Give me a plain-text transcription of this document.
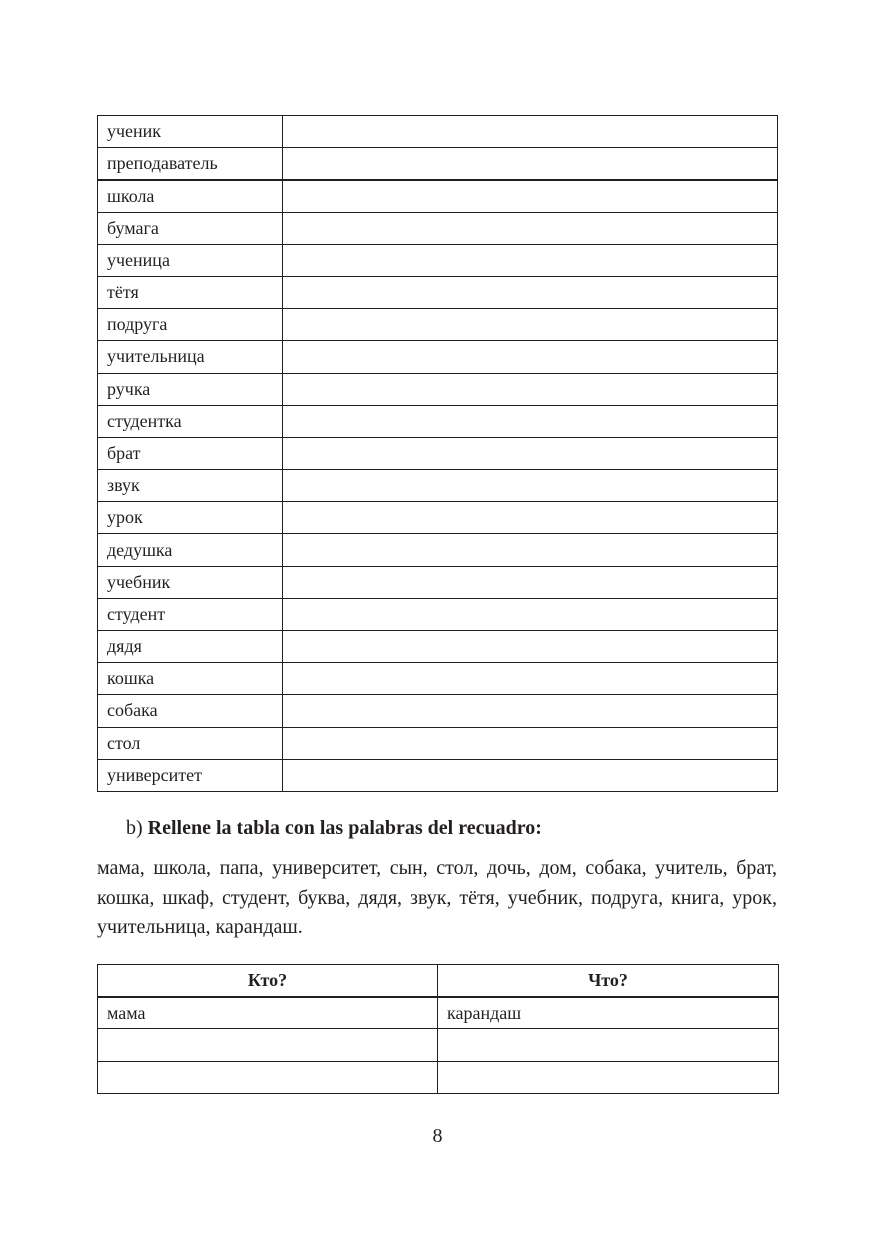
ученик	
преподаватель	
школа	
бумага	
ученица	
тётя	
подруга	
учительница	
ручка	
студентка	
брат	
звук	
урок	
дедушка	
учебник	
студент	
дядя	
кошка	
собака	
стол	
университет	

b) Rellene la tabla con las palabras del recuadro:

мама, школа, папа, университет, сын, стол, дочь, дом, собака, учитель, брат, кошка, шкаф, студент, буква, дядя, звук, тётя, учебник, подруга, книга, урок, учительница, карандаш.

Кто?	Что?
мама	карандаш

8
